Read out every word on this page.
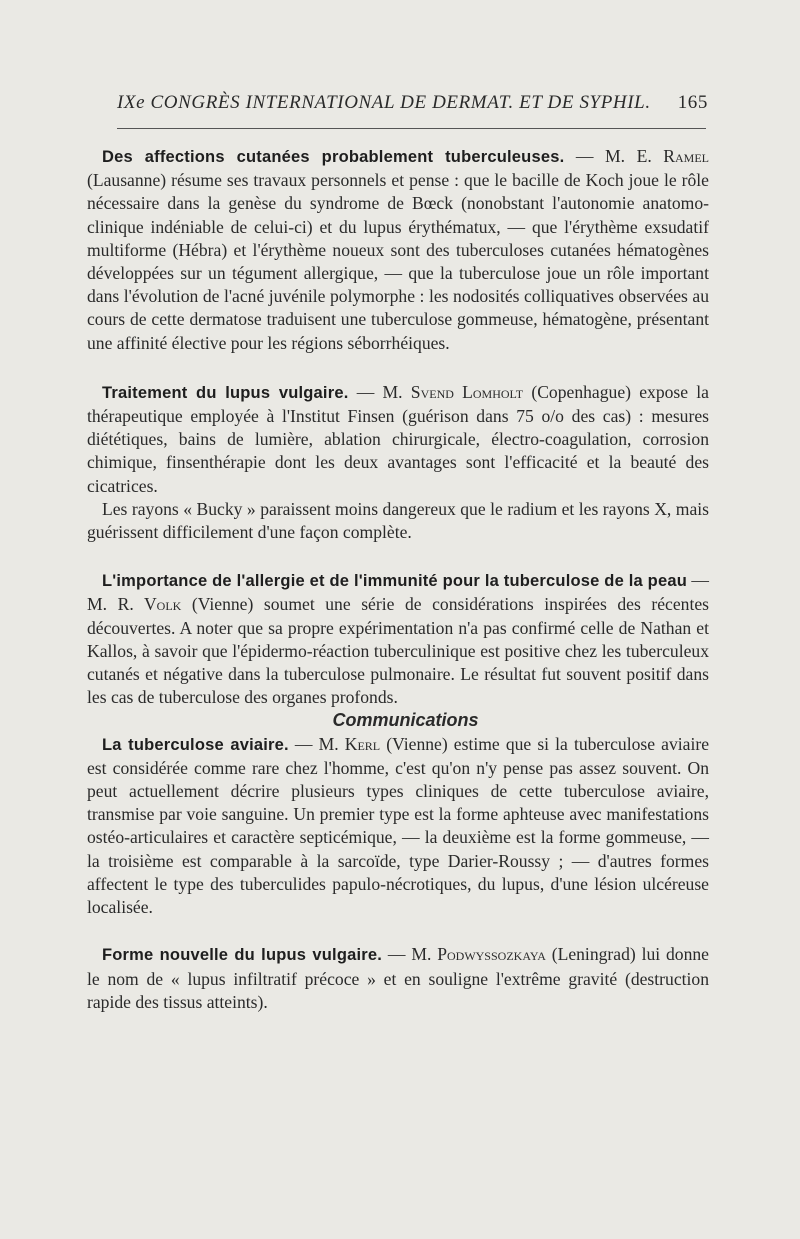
IXe CONGRÈS INTERNATIONAL DE DERMAT. ET DE SYPHIL. 165

Des affections cutanées probablement tuberculeuses. — M. E. Ramel (Lausanne) résume ses travaux personnels et pense : que le bacille de Koch joue le rôle nécessaire dans la genèse du syndrome de Bœck (nonobstant l'autonomie anatomo-clinique indéniable de celui-ci) et du lupus érythématux, — que l'érythème exsudatif multiforme (Hébra) et l'érythème noueux sont des tuberculoses cutanées hématogènes développées sur un tégument allergique, — que la tuberculose joue un rôle important dans l'évolution de l'acné juvénile polymorphe : les nodosités colliquatives observées au cours de cette dermatose traduisent une tuberculose gommeuse, hématogène, présentant une affinité élective pour les régions séborrhéiques.

Traitement du lupus vulgaire. — M. Svend Lomholt (Copenhague) expose la thérapeutique employée à l'Institut Finsen (guérison dans 75 o/o des cas) : mesures diététiques, bains de lumière, ablation chirurgicale, électro-coagulation, corrosion chimique, finsenthérapie dont les deux avantages sont l'efficacité et la beauté des cicatrices.

Les rayons « Bucky » paraissent moins dangereux que le radium et les rayons X, mais guérissent difficilement d'une façon complète.

L'importance de l'allergie et de l'immunité pour la tuberculose de la peau — M. R. Volk (Vienne) soumet une série de considérations inspirées des récentes découvertes. A noter que sa propre expérimentation n'a pas confirmé celle de Nathan et Kallos, à savoir que l'épidermo-réaction tuberculinique est positive chez les tuberculeux cutanés et négative dans la tuberculose pulmonaire. Le résultat fut souvent positif dans les cas de tuberculose des organes profonds.

Communications

La tuberculose aviaire. — M. Kerl (Vienne) estime que si la tuberculose aviaire est considérée comme rare chez l'homme, c'est qu'on n'y pense pas assez souvent. On peut actuellement décrire plusieurs types cliniques de cette tuberculose aviaire, transmise par voie sanguine. Un premier type est la forme aphteuse avec manifestations ostéo-articulaires et caractère septicémique, — la deuxième est la forme gommeuse, — la troisième est comparable à la sarcoïde, type Darier-Roussy ; — d'autres formes affectent le type des tuberculides papulo-nécrotiques, du lupus, d'une lésion ulcéreuse localisée.

Forme nouvelle du lupus vulgaire. — M. Podwyssozkaya (Leningrad) lui donne le nom de « lupus infiltratif précoce » et en souligne l'extrême gravité (destruction rapide des tissus atteints).
